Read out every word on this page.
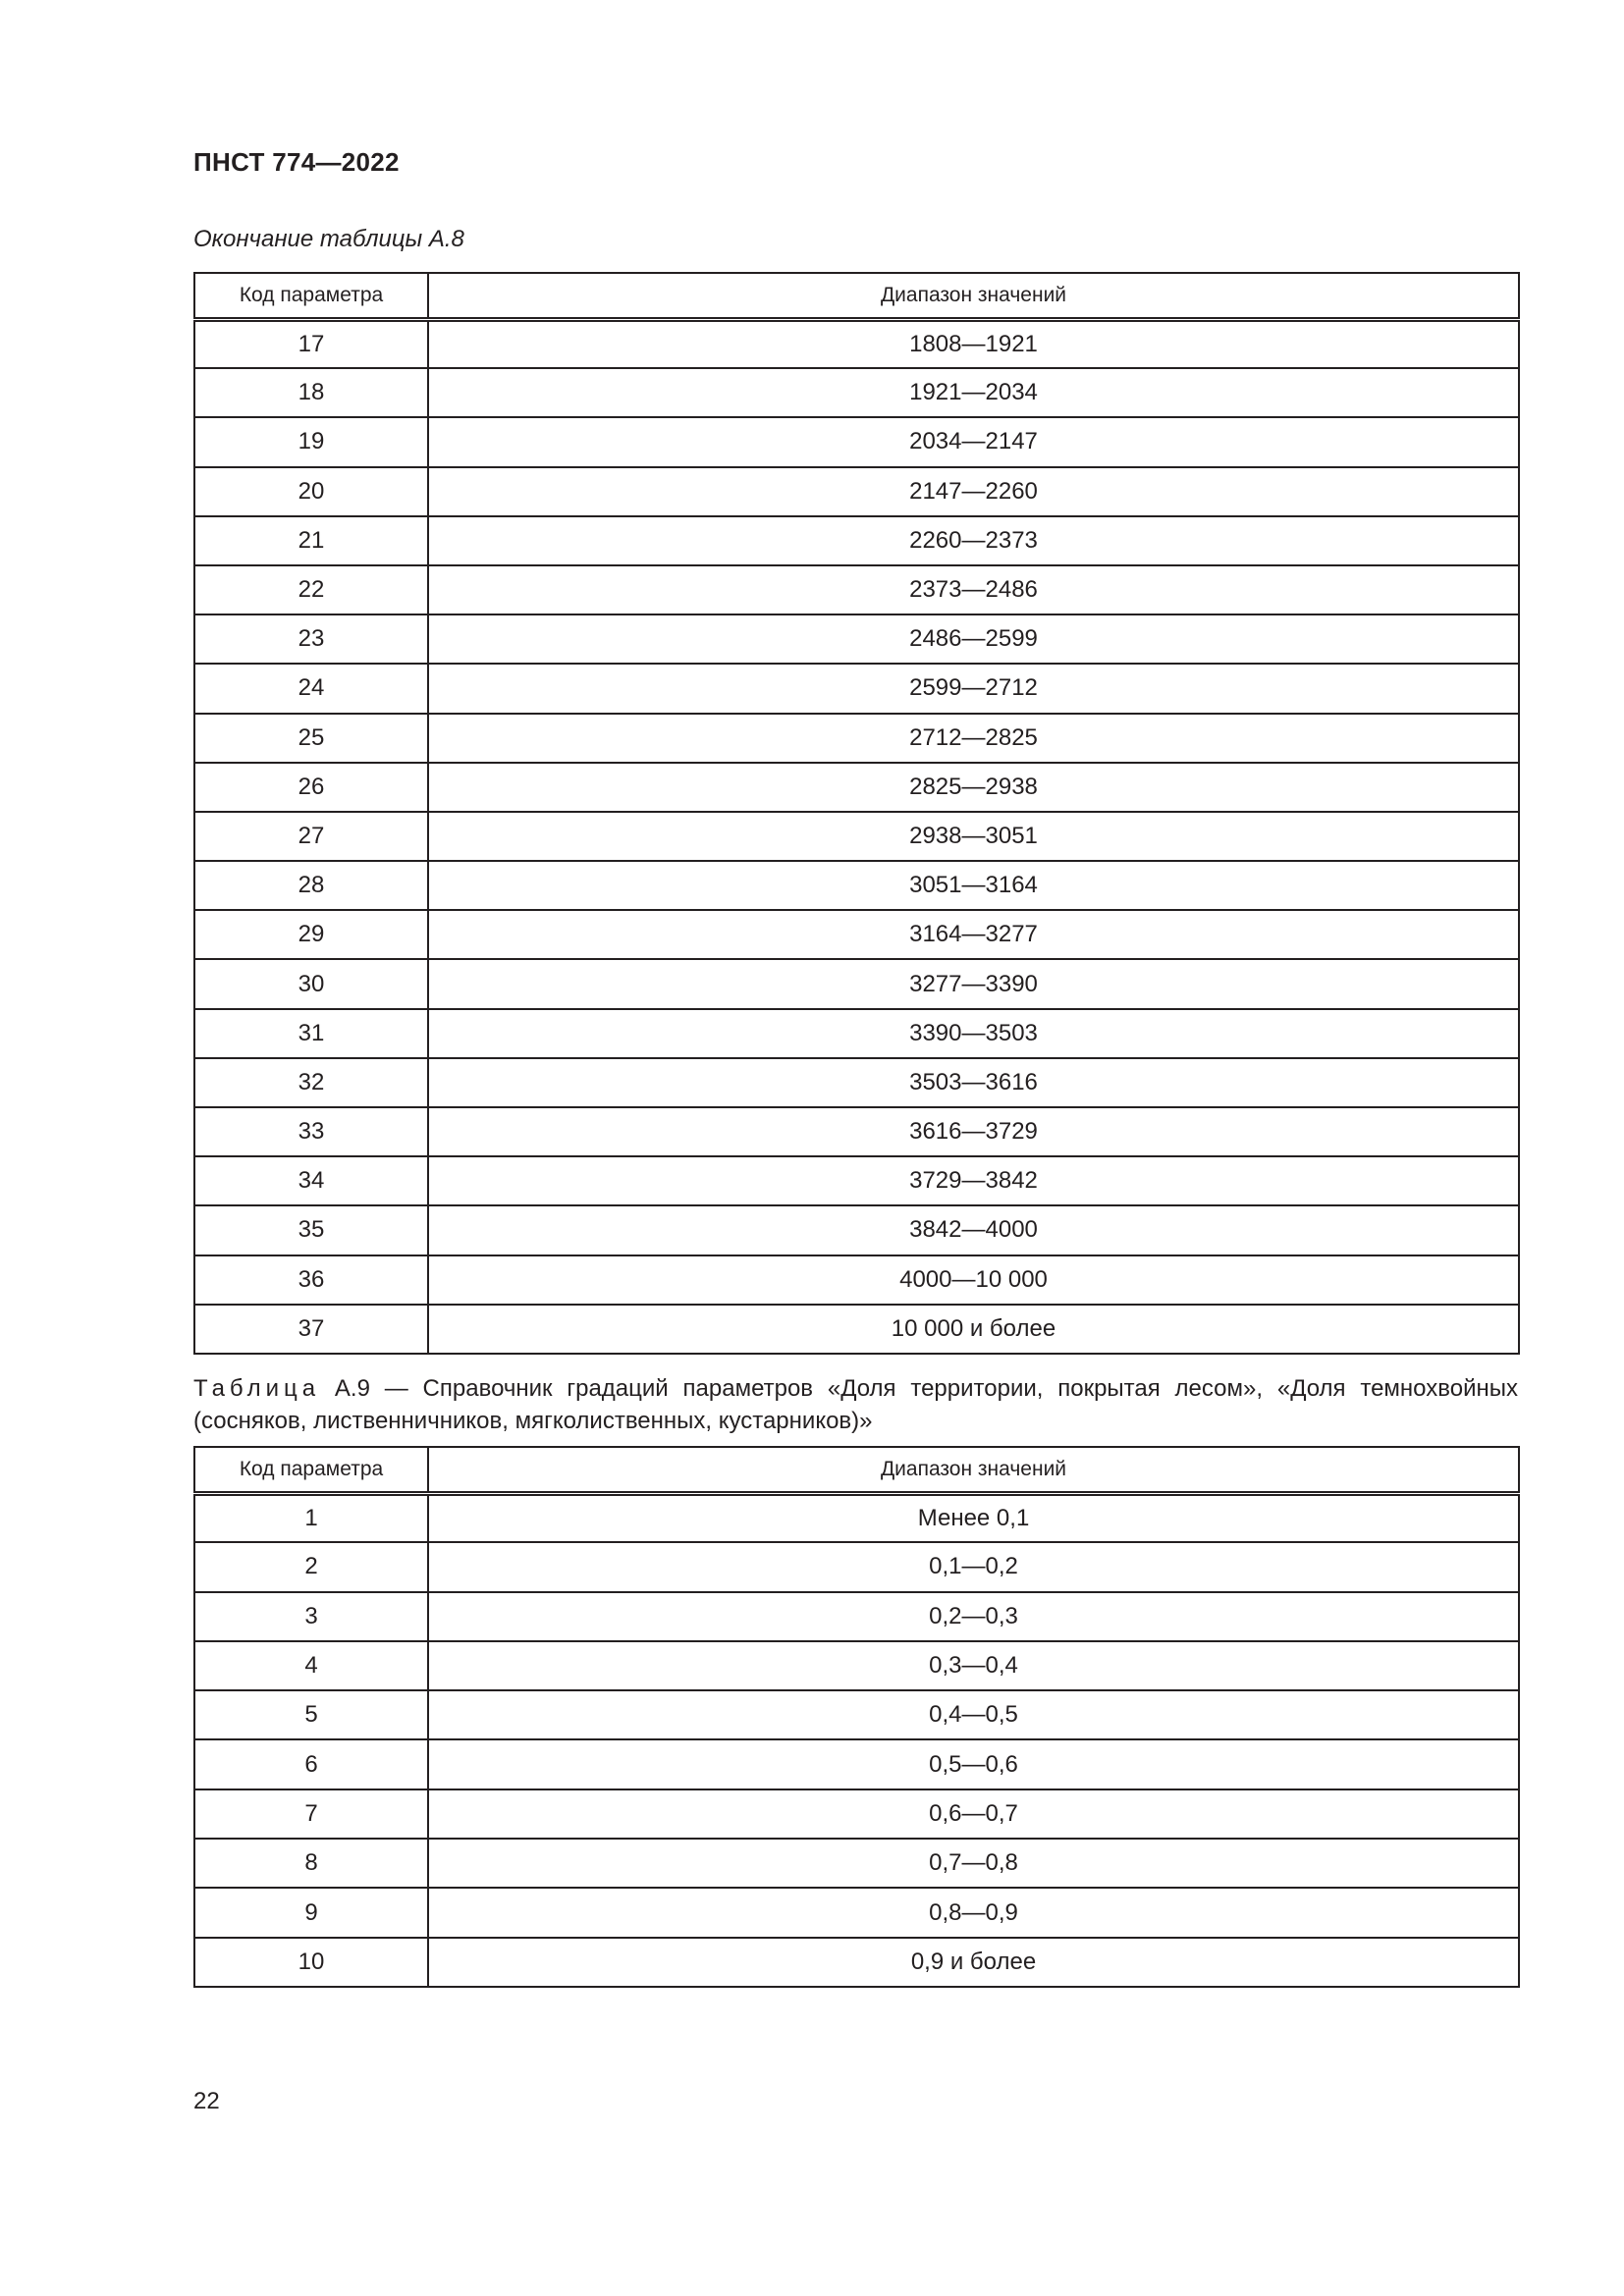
ПНСТ 774—2022
Окончание таблицы А.8
Код параметра	Диапазон значений
17	1808—1921
18	1921—2034
19	2034—2147
20	2147—2260
21	2260—2373
22	2373—2486
23	2486—2599
24	2599—2712
25	2712—2825
26	2825—2938
27	2938—3051
28	3051—3164
29	3164—3277
30	3277—3390
31	3390—3503
32	3503—3616
33	3616—3729
34	3729—3842
35	3842—4000
36	4000—10 000
37	10 000 и более
Таблица А.9 — Справочник градаций параметров «Доля территории, покрытая лесом», «Доля темнохвойных (сосняков, лиственничников, мягколиственных, кустарников)»
Код параметра	Диапазон значений
1	Менее 0,1
2	0,1—0,2
3	0,2—0,3
4	0,3—0,4
5	0,4—0,5
6	0,5—0,6
7	0,6—0,7
8	0,7—0,8
9	0,8—0,9
10	0,9 и более
22
